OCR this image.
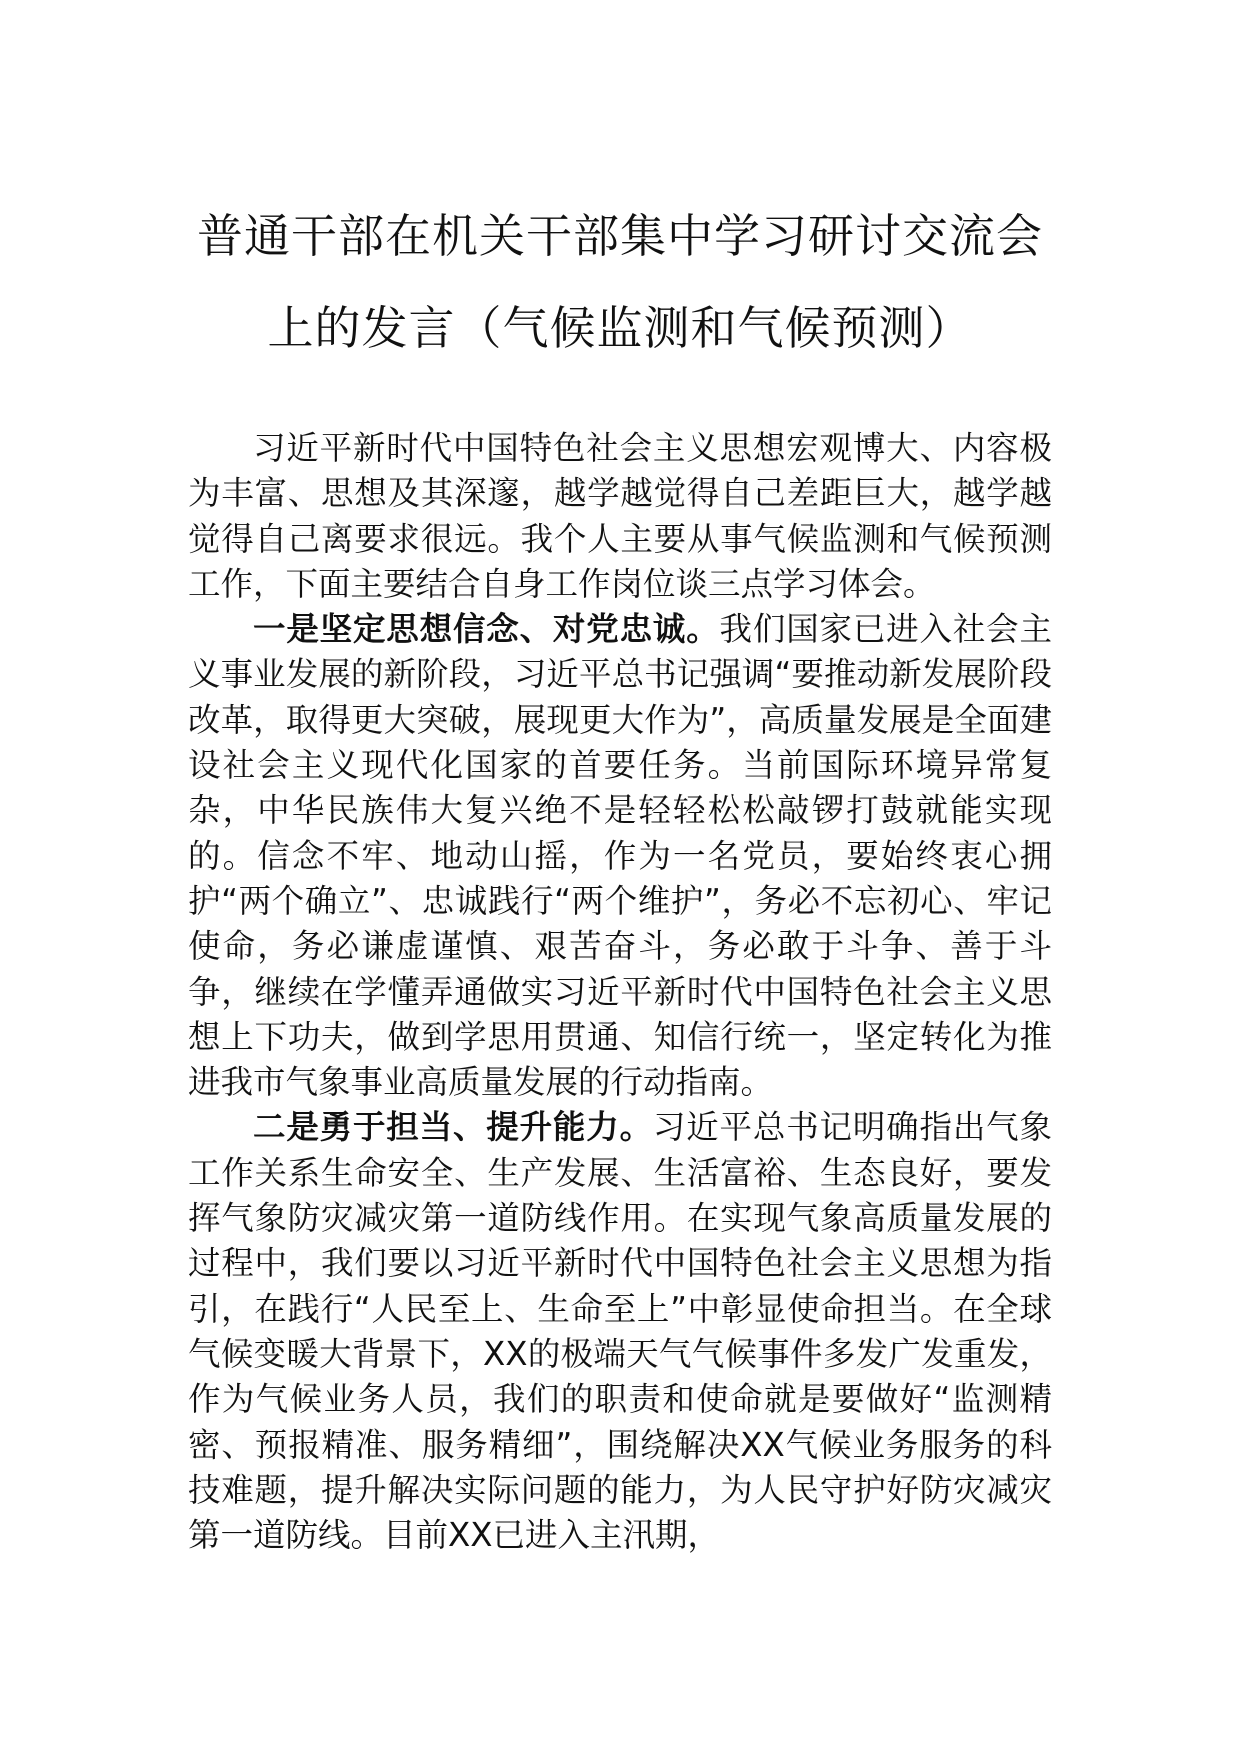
普通干部在机关干部集中学习研讨交流会
上的发言（气候监测和气候预测）

习近平新时代中国特色社会主义思想宏观博大、内容极为丰富、思想及其深邃，越学越觉得自己差距巨大，越学越觉得自己离要求很远。我个人主要从事气候监测和气候预测工作，下面主要结合自身工作岗位谈三点学习体会。

一是坚定思想信念、对党忠诚。我们国家已进入社会主义事业发展的新阶段，习近平总书记强调“要推动新发展阶段改革，取得更大突破，展现更大作为”，高质量发展是全面建设社会主义现代化国家的首要任务。当前国际环境异常复杂，中华民族伟大复兴绝不是轻轻松松敲锣打鼓就能实现的。信念不牢、地动山摇，作为一名党员，要始终衷心拥护“两个确立”、忠诚践行“两个维护”，务必不忘初心、牢记使命，务必谦虚谨慎、艰苦奋斗，务必敢于斗争、善于斗争，继续在学懂弄通做实习近平新时代中国特色社会主义思想上下功夫，做到学思用贯通、知信行统一，坚定转化为推进我市气象事业高质量发展的行动指南。

二是勇于担当、提升能力。习近平总书记明确指出气象工作关系生命安全、生产发展、生活富裕、生态良好，要发挥气象防灾减灾第一道防线作用。在实现气象高质量发展的过程中，我们要以习近平新时代中国特色社会主义思想为指引，在践行“人民至上、生命至上”中彰显使命担当。在全球气候变暖大背景下，XX的极端天气气候事件多发广发重发，作为气候业务人员，我们的职责和使命就是要做好“监测精密、预报精准、服务精细”，围绕解决XX气候业务服务的科技难题，提升解决实际问题的能力，为人民守护好防灾减灾第一道防线。目前XX已进入主汛期，
